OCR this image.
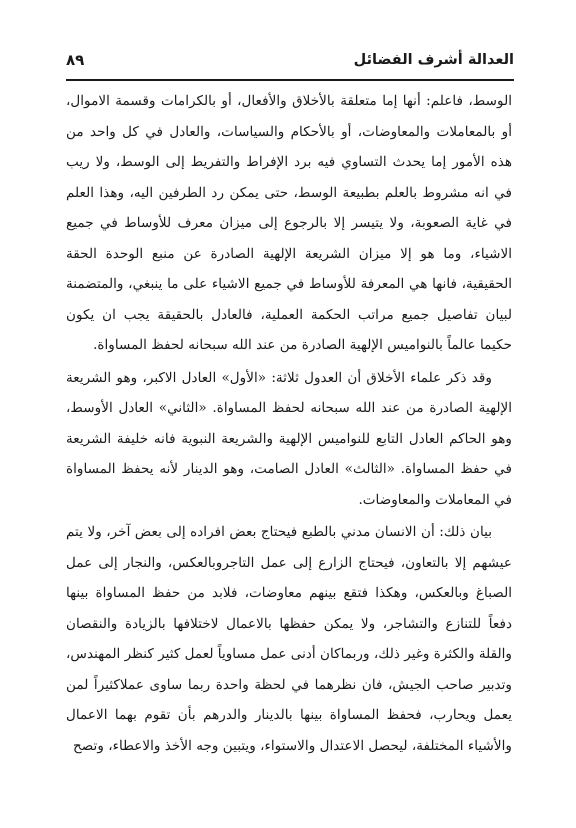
العدالة أشرف الفضائل
٨٩

الوسط، فاعلم: أنها إما متعلقة بالأخلاق والأفعال، أو بالكرامات وقسمة الاموال، أو بالمعاملات والمعاوضات، أو بالأحكام والسياسات، والعادل في كل واحد من هذه الأمور إما يحدث التساوي فيه برد الإفراط والتفريط إلى الوسط، ولا ريب في انه مشروط بالعلم بطبيعة الوسط، حتى يمكن رد الطرفين اليه، وهذا العلم في غاية الصعوبة، ولا يتيسر إلا بالرجوع إلى ميزان معرف للأوساط في جميع الاشياء، وما هو إلا ميزان الشريعة الإلهية الصادرة عن منبع الوحدة الحقة الحقيقية، فانها هي المعرفة للأوساط في جميع الاشياء على ما ينبغي، والمتضمنة لبيان تفاصيل جميع مراتب الحكمة العملية، فالعادل بالحقيقة يجب ان يكون حكيما عالماً بالنواميس الإلهية الصادرة من عند الله سبحانه لحفظ المساواة.

وقد ذكر علماء الأخلاق أن العدول ثلاثة: «الأول» العادل الاكبر، وهو الشريعة الإلهية الصادرة من عند الله سبحانه لحفظ المساواة. «الثاني» العادل الأوسط، وهو الحاكم العادل التابع للنواميس الإلهية والشريعة النبوية فانه خليفة الشريعة في حفظ المساواة. «الثالث» العادل الصامت، وهو الدينار لأنه يحفظ المساواة في المعاملات والمعاوضات.

بيان ذلك: أن الانسان مدني بالطبع فيحتاج بعض افراده إلى بعض آخر، ولا يتم عيشهم إلا بالتعاون، فيحتاج الزارع إلى عمل التاجروبالعكس، والنجار إلى عمل الصباغ وبالعكس، وهكذا فتقع بينهم معاوضات، فلابد من حفظ المساواة بينها دفعاً للتنازع والتشاجر، ولا يمكن حفظها بالاعمال لاختلافها بالزيادة والنقصان والقلة والكثرة وغير ذلك، وربماكان أدنى عمل مساوياً لعمل كثير كنظر المهندس، وتدبير صاحب الجيش، فان نظرهما في لحظة واحدة ربما ساوى عملاكثيراً لمن يعمل ويحارب، فحفظ المساواة بينها بالدينار والدرهم بأن تقوم بهما الاعمال والأشياء المختلفة، ليحصل الاعتدال والاستواء، ويتبين وجه الأخذ والاعطاء، وتصح
